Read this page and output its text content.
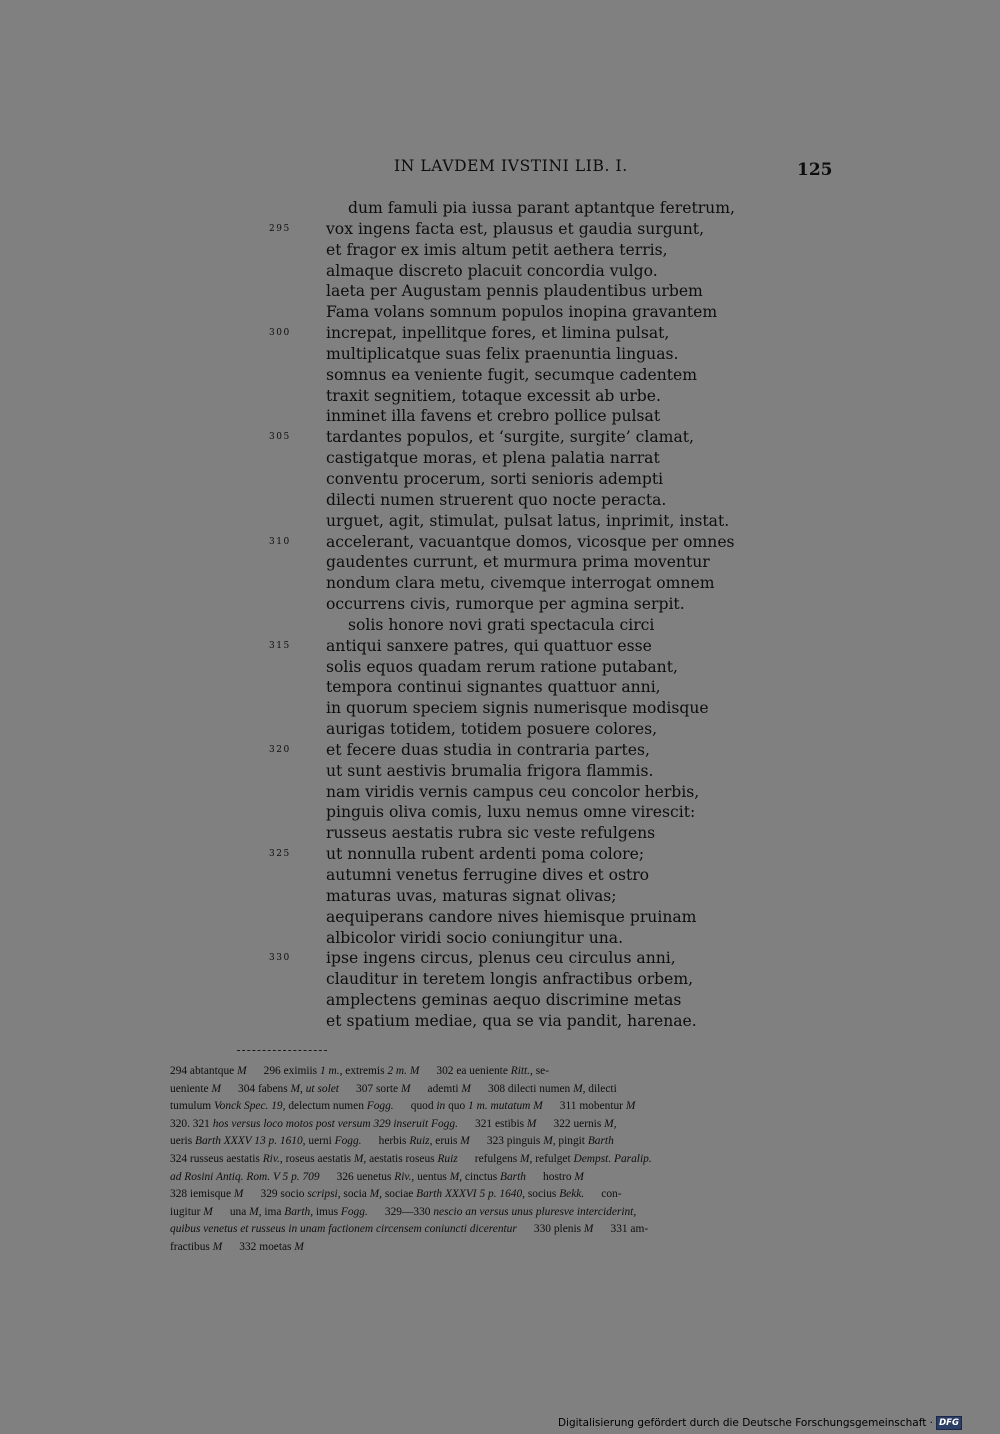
IN LAVDEM IVSTINI LIB. I.	125
dum famuli pia iussa parant aptantque feretrum,
295 vox ingens facta est, plausus et gaudia surgunt,
et fragor ex imis altum petit aethera terris,
almaque discreto placuit concordia vulgo.
laeta per Augustam pennis plaudentibus urbem
Fama volans somnum populos inopina gravantem
300 increpat, inpellitque fores, et limina pulsat,
multiplicatque suas felix praenuntia linguas.
somnus ea veniente fugit, secumque cadentem
traxit segnitiem, totaque excessit ab urbe.
inminet illa favens et crebro pollice pulsat
305 tardantes populos, et ‘surgite, surgite’ clamat,
castigatque moras, et plena palatia narrat
conventu procerum, sorti senioris adempti
dilecti numen struerent quo nocte peracta.
urguet, agit, stimulat, pulsat latus, inprimit, instat.
310 accelerant, vacuantque domos, vicosque per omnes
gaudentes currunt, et murmura prima moventur
nondum clara metu, civemque interrogat omnem
occurrens civis, rumorque per agmina serpit.
solis honore novi grati spectacula circi
315 antiqui sanxere patres, qui quattuor esse
solis equos quadam rerum ratione putabant,
tempora continui signantes quattuor anni,
in quorum speciem signis numerisque modisque
aurigas totidem, totidem posuere colores,
320 et fecere duas studia in contraria partes,
ut sunt aestivis brumalia frigora flammis.
nam viridis vernis campus ceu concolor herbis,
pinguis oliva comis, luxu nemus omne virescit:
russeus aestatis rubra sic veste refulgens
325 ut nonnulla rubent ardenti poma colore;
autumni venetus ferrugine dives et ostro
maturas uvas, maturas signat olivas;
aequiperans candore nives hiemisque pruinam
albicolor viridi socio coniungitur una.
330 ipse ingens circus, plenus ceu circulus anni,
clauditur in teretem longis anfractibus orbem,
amplectens geminas aequo discrimine metas
et spatium mediae, qua se via pandit, harenae.
294 abtantque M      296 eximiis 1 m., extremis 2 m. M      302 ea ueniente Ritt., se-
ueniente M      304 fabens M, ut solet      307 sorte M      ademti M      308 dilecti numen M, dilecti
tumulum Vonck Spec. 19, delectum numen Fogg.      quod in quo 1 m. mutatum M      311 mobentur M
320. 321 hos versus loco motos post versum 329 inseruit Fogg.      321 estibis M      322 uernis M,
ueris Barth XXXV 13 p. 1610, uerni Fogg.      herbis Ruiz, eruis M      323 pinguis M, pingit Barth
324 russeus aestatis Riv., roseus aestatis M, aestatis roseus Ruiz      refulgens M, refulget Dempst. Paralip.
ad Rosini Antiq. Rom. V 5 p. 709      326 uenetus Riv., uentus M, cinctus Barth      hostro M
328 iemisque M      329 socio scripsi, socia M, sociae Barth XXXVI 5 p. 1640, socius Bekk.      con-
iugitur M      una M, ima Barth, imus Fogg.      329—330 nescio an versus unus pluresve interciderint,
quibus venetus et russeus in unam factionem circensem coniuncti dicerentur      330 plenis M      331 am-
fractibus M      332 moetas M
Digitalisierung gefördert durch die Deutsche Forschungsgemeinschaft · DFG
